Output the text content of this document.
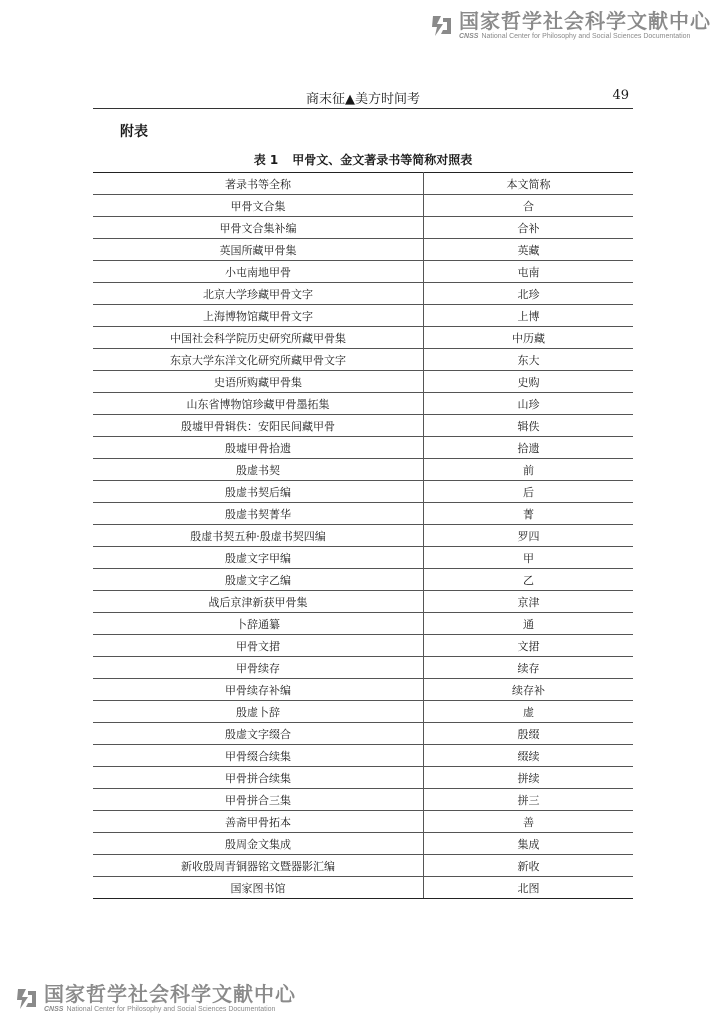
国家哲学社会科学文献中心
CNSS National Center for Philosophy and Social Sciences Documentation
商末征▲美方时间考	49
附表
表 1 甲骨文、金文著录书等简称对照表
著录书等全称	本文简称
甲骨文合集	合
甲骨文合集补编	合补
英国所藏甲骨集	英藏
小屯南地甲骨	屯南
北京大学珍藏甲骨文字	北珍
上海博物馆藏甲骨文字	上博
中国社会科学院历史研究所藏甲骨集	中历藏
东京大学东洋文化研究所藏甲骨文字	东大
史语所购藏甲骨集	史购
山东省博物馆珍藏甲骨墨拓集	山珍
殷墟甲骨辑佚：安阳民间藏甲骨	辑佚
殷墟甲骨拾遗	拾遗
殷虚书契	前
殷虚书契后编	后
殷虚书契菁华	菁
殷虚书契五种·殷虚书契四编	罗四
殷虚文字甲编	甲
殷虚文字乙编	乙
战后京津新获甲骨集	京津
卜辞通纂	通
甲骨文捃	文捃
甲骨续存	续存
甲骨续存补编	续存补
殷虚卜辞	虚
殷虚文字缀合	殷缀
甲骨缀合续集	缀续
甲骨拼合续集	拼续
甲骨拼合三集	拼三
善斋甲骨拓本	善
殷周金文集成	集成
新收殷周青铜器铭文暨器影汇编	新收
国家图书馆	北图
国家哲学社会科学文献中心
CNSS National Center for Philosophy and Social Sciences Documentation
